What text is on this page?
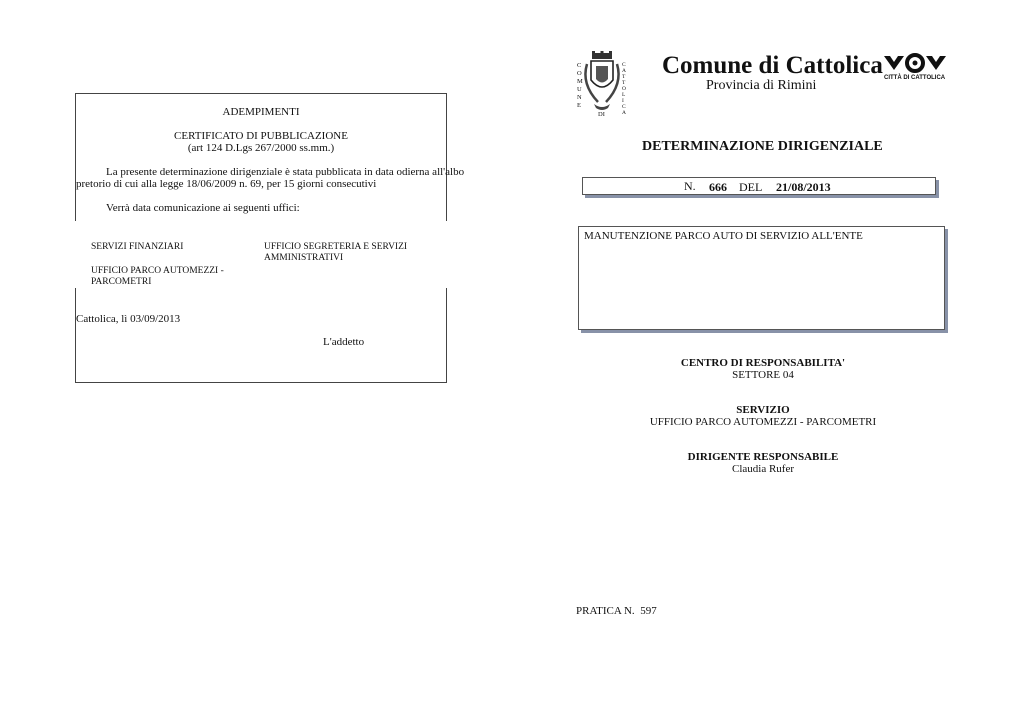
ADEMPIMENTI
CERTIFICATO DI PUBBLICAZIONE
(art 124 D.Lgs 267/2000 ss.mm.)
La presente determinazione dirigenziale è stata pubblicata in data odierna all'albo
pretorio di cui alla legge 18/06/2009 n. 69, per 15 giorni consecutivi
Verrà data comunicazione ai seguenti uffici:
SERVIZI FINANZIARI	UFFICIO SEGRETERIA E SERVIZI AMMINISTRATIVI
UFFICIO PARCO AUTOMEZZI - PARCOMETRI
Cattolica, lì 03/09/2013
L'addetto
C
O
M
U
N
E
C
A
T
T
O
L
I
C
A
DI
Comune di Cattolica
Provincia di Rimini	CITTÀ DI CATTOLICA
DETERMINAZIONE DIRIGENZIALE
N. 666 DEL 21/08/2013
MANUTENZIONE PARCO AUTO DI SERVIZIO ALL'ENTE
CENTRO DI RESPONSABILITA'
SETTORE 04
SERVIZIO
UFFICIO PARCO AUTOMEZZI - PARCOMETRI
DIRIGENTE RESPONSABILE
Claudia Rufer
PRATICA N. 597
